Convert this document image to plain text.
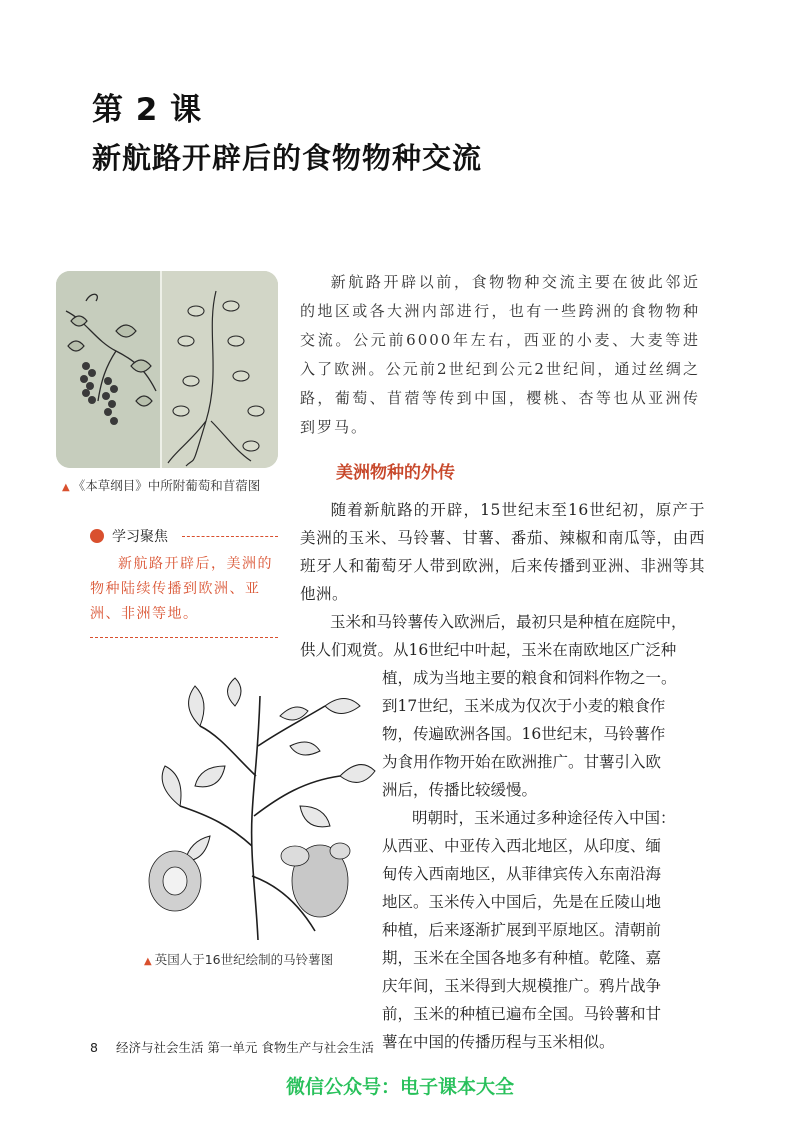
第 2 课
新航路开辟后的食物物种交流
▲ 《本草纲目》中所附葡萄和苜蓿图
新航路开辟以前，食物物种交流主要在彼此邻近的地区或各大洲内部进行，也有一些跨洲的食物物种交流。公元前6000年左右，西亚的小麦、大麦等进入了欧洲。公元前2世纪到公元2世纪间，通过丝绸之路，葡萄、苜蓿等传到中国，樱桃、杏等也从亚洲传到罗马。
美洲物种的外传
随着新航路的开辟，15世纪末至16世纪初，原产于美洲的玉米、马铃薯、甘薯、番茄、辣椒和南瓜等，由西班牙人和葡萄牙人带到欧洲，后来传播到亚洲、非洲等其他洲。
玉米和马铃薯传入欧洲后，最初只是种植在庭院中，
供人们观赏。从16世纪中叶起，玉米在南欧地区广泛种
植，成为当地主要的粮食和饲料作物之一。
到17世纪，玉米成为仅次于小麦的粮食作
物，传遍欧洲各国。16世纪末，马铃薯作
为食用作物开始在欧洲推广。甘薯引入欧
洲后，传播比较缓慢。
明朝时，玉米通过多种途径传入中国：
从西亚、中亚传入西北地区，从印度、缅
甸传入西南地区，从菲律宾传入东南沿海
地区。玉米传入中国后，先是在丘陵山地
种植，后来逐渐扩展到平原地区。清朝前
期，玉米在全国各地多有种植。乾隆、嘉
庆年间，玉米得到大规模推广。鸦片战争
前，玉米的种植已遍布全国。马铃薯和甘
薯在中国的传播历程与玉米相似。
学习聚焦
新航路开辟后，美洲的物种陆续传播到欧洲、亚洲、非洲等地。
▲ 英国人于16世纪绘制的马铃薯图
8 经济与社会生活 第一单元 食物生产与社会生活
微信公众号：电子课本大全
